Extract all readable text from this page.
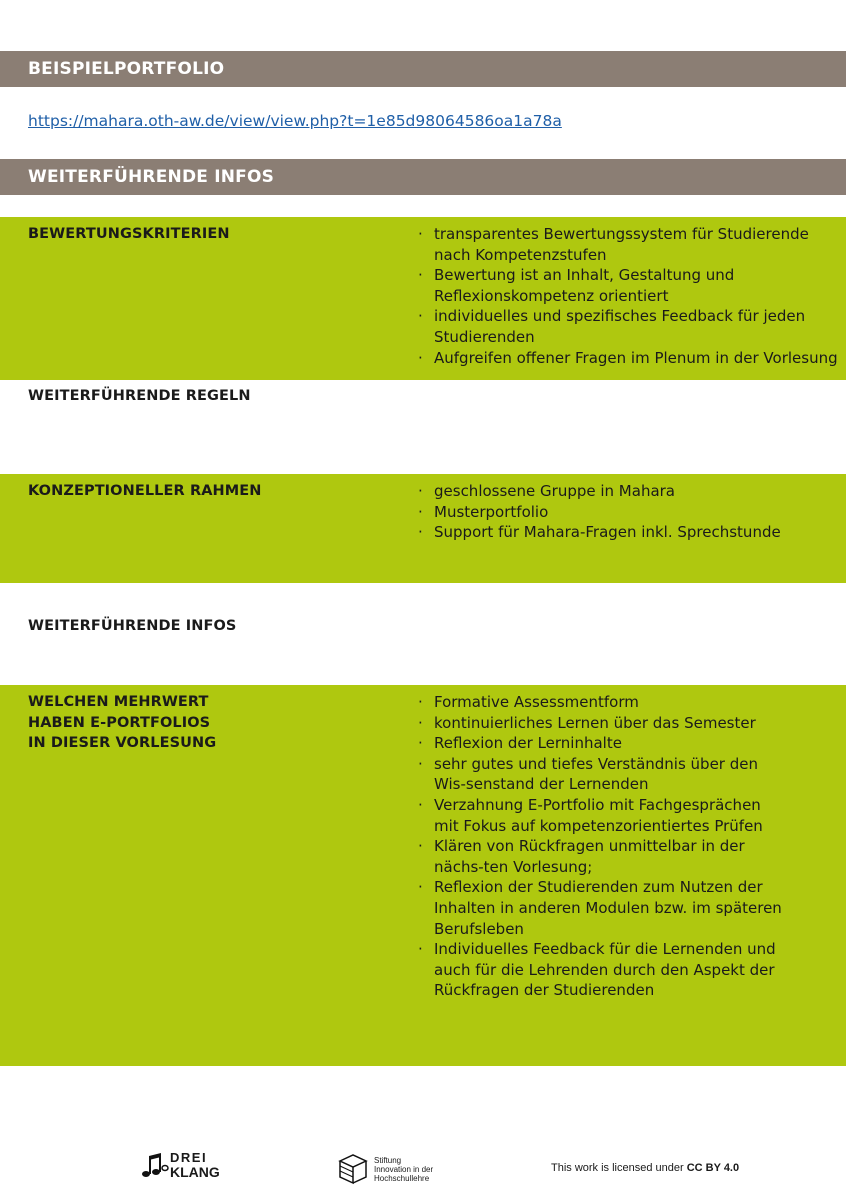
BEISPIELPORTFOLIO
https://mahara.oth-aw.de/view/view.php?t=1e85d98064586oa1a78a
WEITERFÜHRENDE INFOS
BEWERTUNGSKRITERIEN	· transparentes Bewertungssystem für Studierende nach Kompetenzstufen
· Bewertung ist an Inhalt, Gestaltung und Reflexionskompetenz orientiert
· individuelles und spezifisches Feedback für jeden Studierenden
· Aufgreifen offener Fragen im Plenum in der Vorlesung
WEITERFÜHRENDE REGELN
KONZEPTIONELLER RAHMEN	· geschlossene Gruppe in Mahara
· Musterportfolio
· Support für Mahara-Fragen inkl. Sprechstunde
WEITERFÜHRENDE INFOS
WELCHEN MEHRWERT
HABEN E-PORTFOLIOS
IN DIESER VORLESUNG
· Formative Assessmentform
· kontinuierliches Lernen über das Semester
· Reflexion der Lerninhalte
· sehr gutes und tiefes Verständnis über den Wis-senstand der Lernenden
· Verzahnung E-Portfolio mit Fachgesprächen mit Fokus auf kompetenzorientiertes Prüfen
· Klären von Rückfragen unmittelbar in der nächs-ten Vorlesung;
· Reflexion der Studierenden zum Nutzen der Inhalten in anderen Modulen bzw. im späteren Berufsleben
· Individuelles Feedback für die Lernenden und auch für die Lehrenden durch den Aspekt der Rückfragen der Studierenden
DREI
KLANG
Stiftung
Innovation in der
Hochschullehre
This work is licensed under CC BY 4.0
